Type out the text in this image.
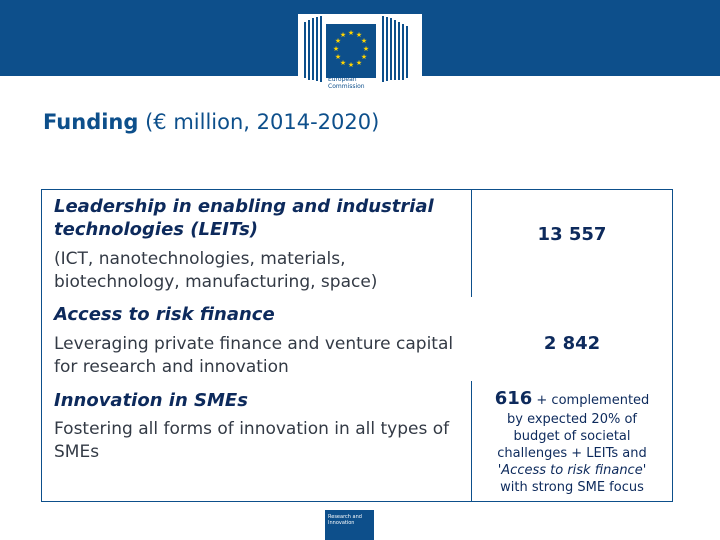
★ ★
★
★
★
★
★
★
★
★
★
★
European
Commission
Funding (€ million, 2014-2020)
Leadership in enabling and industrial technologies (LEITs)
(ICT, nanotechnologies, materials, biotechnology, manufacturing, space)
13 557
Access to risk finance
Leveraging private finance and venture capital for research and innovation
2 842
Innovation in SMEs
Fostering all forms of innovation in all types of SMEs
616 + complemented
by expected 20% of
budget of societal
challenges + LEITs and
'Access to risk finance'
with strong SME focus
Research and
Innovation
